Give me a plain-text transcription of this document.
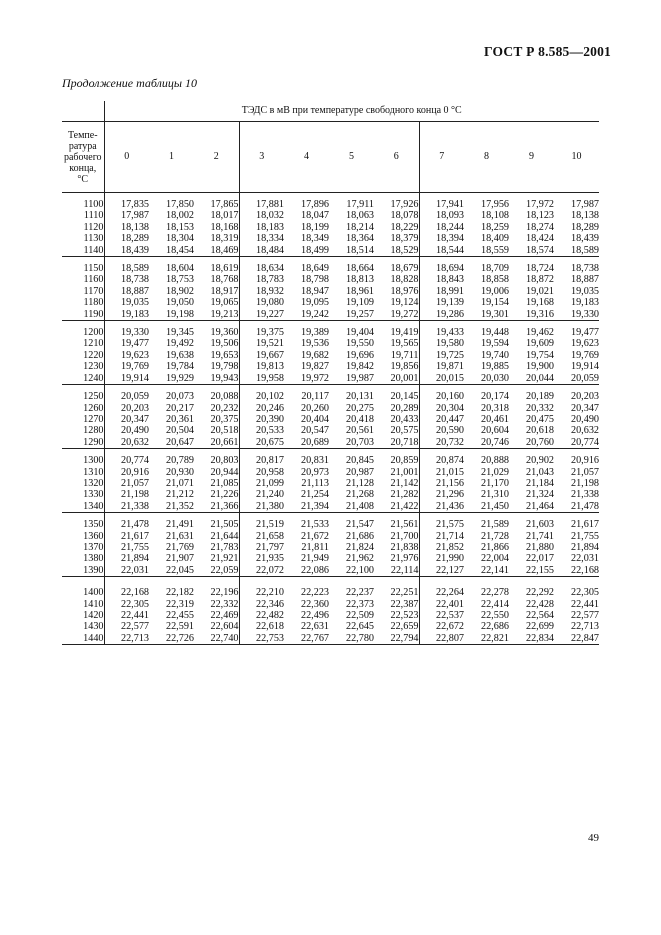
ГОСТ Р 8.585—2001
Продолжение таблицы 10
	ТЭДС в мВ при температуре свободного конца 0 °С										
Темпе-
ратура
рабочего
конца,
°С	0	1	2	3	4	5	6	7	8	9	10

1100	17,835	17,850	17,865	17,881	17,896	17,911	17,926	17,941	17,956	17,972	17,987
1110	17,987	18,002	18,017	18,032	18,047	18,063	18,078	18,093	18,108	18,123	18,138
1120	18,138	18,153	18,168	18,183	18,199	18,214	18,229	18,244	18,259	18,274	18,289
1130	18,289	18,304	18,319	18,334	18,349	18,364	18,379	18,394	18,409	18,424	18,439
1140	18,439	18,454	18,469	18,484	18,499	18,514	18,529	18,544	18,559	18,574	18,589

1150	18,589	18,604	18,619	18,634	18,649	18,664	18,679	18,694	18,709	18,724	18,738
1160	18,738	18,753	18,768	18,783	18,798	18,813	18,828	18,843	18,858	18,872	18,887
1170	18,887	18,902	18,917	18,932	18,947	18,961	18,976	18,991	19,006	19,021	19,035
1180	19,035	19,050	19,065	19,080	19,095	19,109	19,124	19,139	19,154	19,168	19,183
1190	19,183	19,198	19,213	19,227	19,242	19,257	19,272	19,286	19,301	19,316	19,330

1200	19,330	19,345	19,360	19,375	19,389	19,404	19,419	19,433	19,448	19,462	19,477
1210	19,477	19,492	19,506	19,521	19,536	19,550	19,565	19,580	19,594	19,609	19,623
1220	19,623	19,638	19,653	19,667	19,682	19,696	19,711	19,725	19,740	19,754	19,769
1230	19,769	19,784	19,798	19,813	19,827	19,842	19,856	19,871	19,885	19,900	19,914
1240	19,914	19,929	19,943	19,958	19,972	19,987	20,001	20,015	20,030	20,044	20,059

1250	20,059	20,073	20,088	20,102	20,117	20,131	20,145	20,160	20,174	20,189	20,203
1260	20,203	20,217	20,232	20,246	20,260	20,275	20,289	20,304	20,318	20,332	20,347
1270	20,347	20,361	20,375	20,390	20,404	20,418	20,433	20,447	20,461	20,475	20,490
1280	20,490	20,504	20,518	20,533	20,547	20,561	20,575	20,590	20,604	20,618	20,632
1290	20,632	20,647	20,661	20,675	20,689	20,703	20,718	20,732	20,746	20,760	20,774

1300	20,774	20,789	20,803	20,817	20,831	20,845	20,859	20,874	20,888	20,902	20,916
1310	20,916	20,930	20,944	20,958	20,973	20,987	21,001	21,015	21,029	21,043	21,057
1320	21,057	21,071	21,085	21,099	21,113	21,128	21,142	21,156	21,170	21,184	21,198
1330	21,198	21,212	21,226	21,240	21,254	21,268	21,282	21,296	21,310	21,324	21,338
1340	21,338	21,352	21,366	21,380	21,394	21,408	21,422	21,436	21,450	21,464	21,478

1350	21,478	21,491	21,505	21,519	21,533	21,547	21,561	21,575	21,589	21,603	21,617
1360	21,617	21,631	21,644	21,658	21,672	21,686	21,700	21,714	21,728	21,741	21,755
1370	21,755	21,769	21,783	21,797	21,811	21,824	21,838	21,852	21,866	21,880	21,894
1380	21,894	21,907	21,921	21,935	21,949	21,962	21,976	21,990	22,004	22,017	22,031
1390	22,031	22,045	22,059	22,072	22,086	22,100	22,114	22,127	22,141	22,155	22,168

1400	22,168	22,182	22,196	22,210	22,223	22,237	22,251	22,264	22,278	22,292	22,305
1410	22,305	22,319	22,332	22,346	22,360	22,373	22,387	22,401	22,414	22,428	22,441
1420	22,441	22,455	22,469	22,482	22,496	22,509	22,523	22,537	22,550	22,564	22,577
1430	22,577	22,591	22,604	22,618	22,631	22,645	22,659	22,672	22,686	22,699	22,713
1440	22,713	22,726	22,740	22,753	22,767	22,780	22,794	22,807	22,821	22,834	22,847
49
